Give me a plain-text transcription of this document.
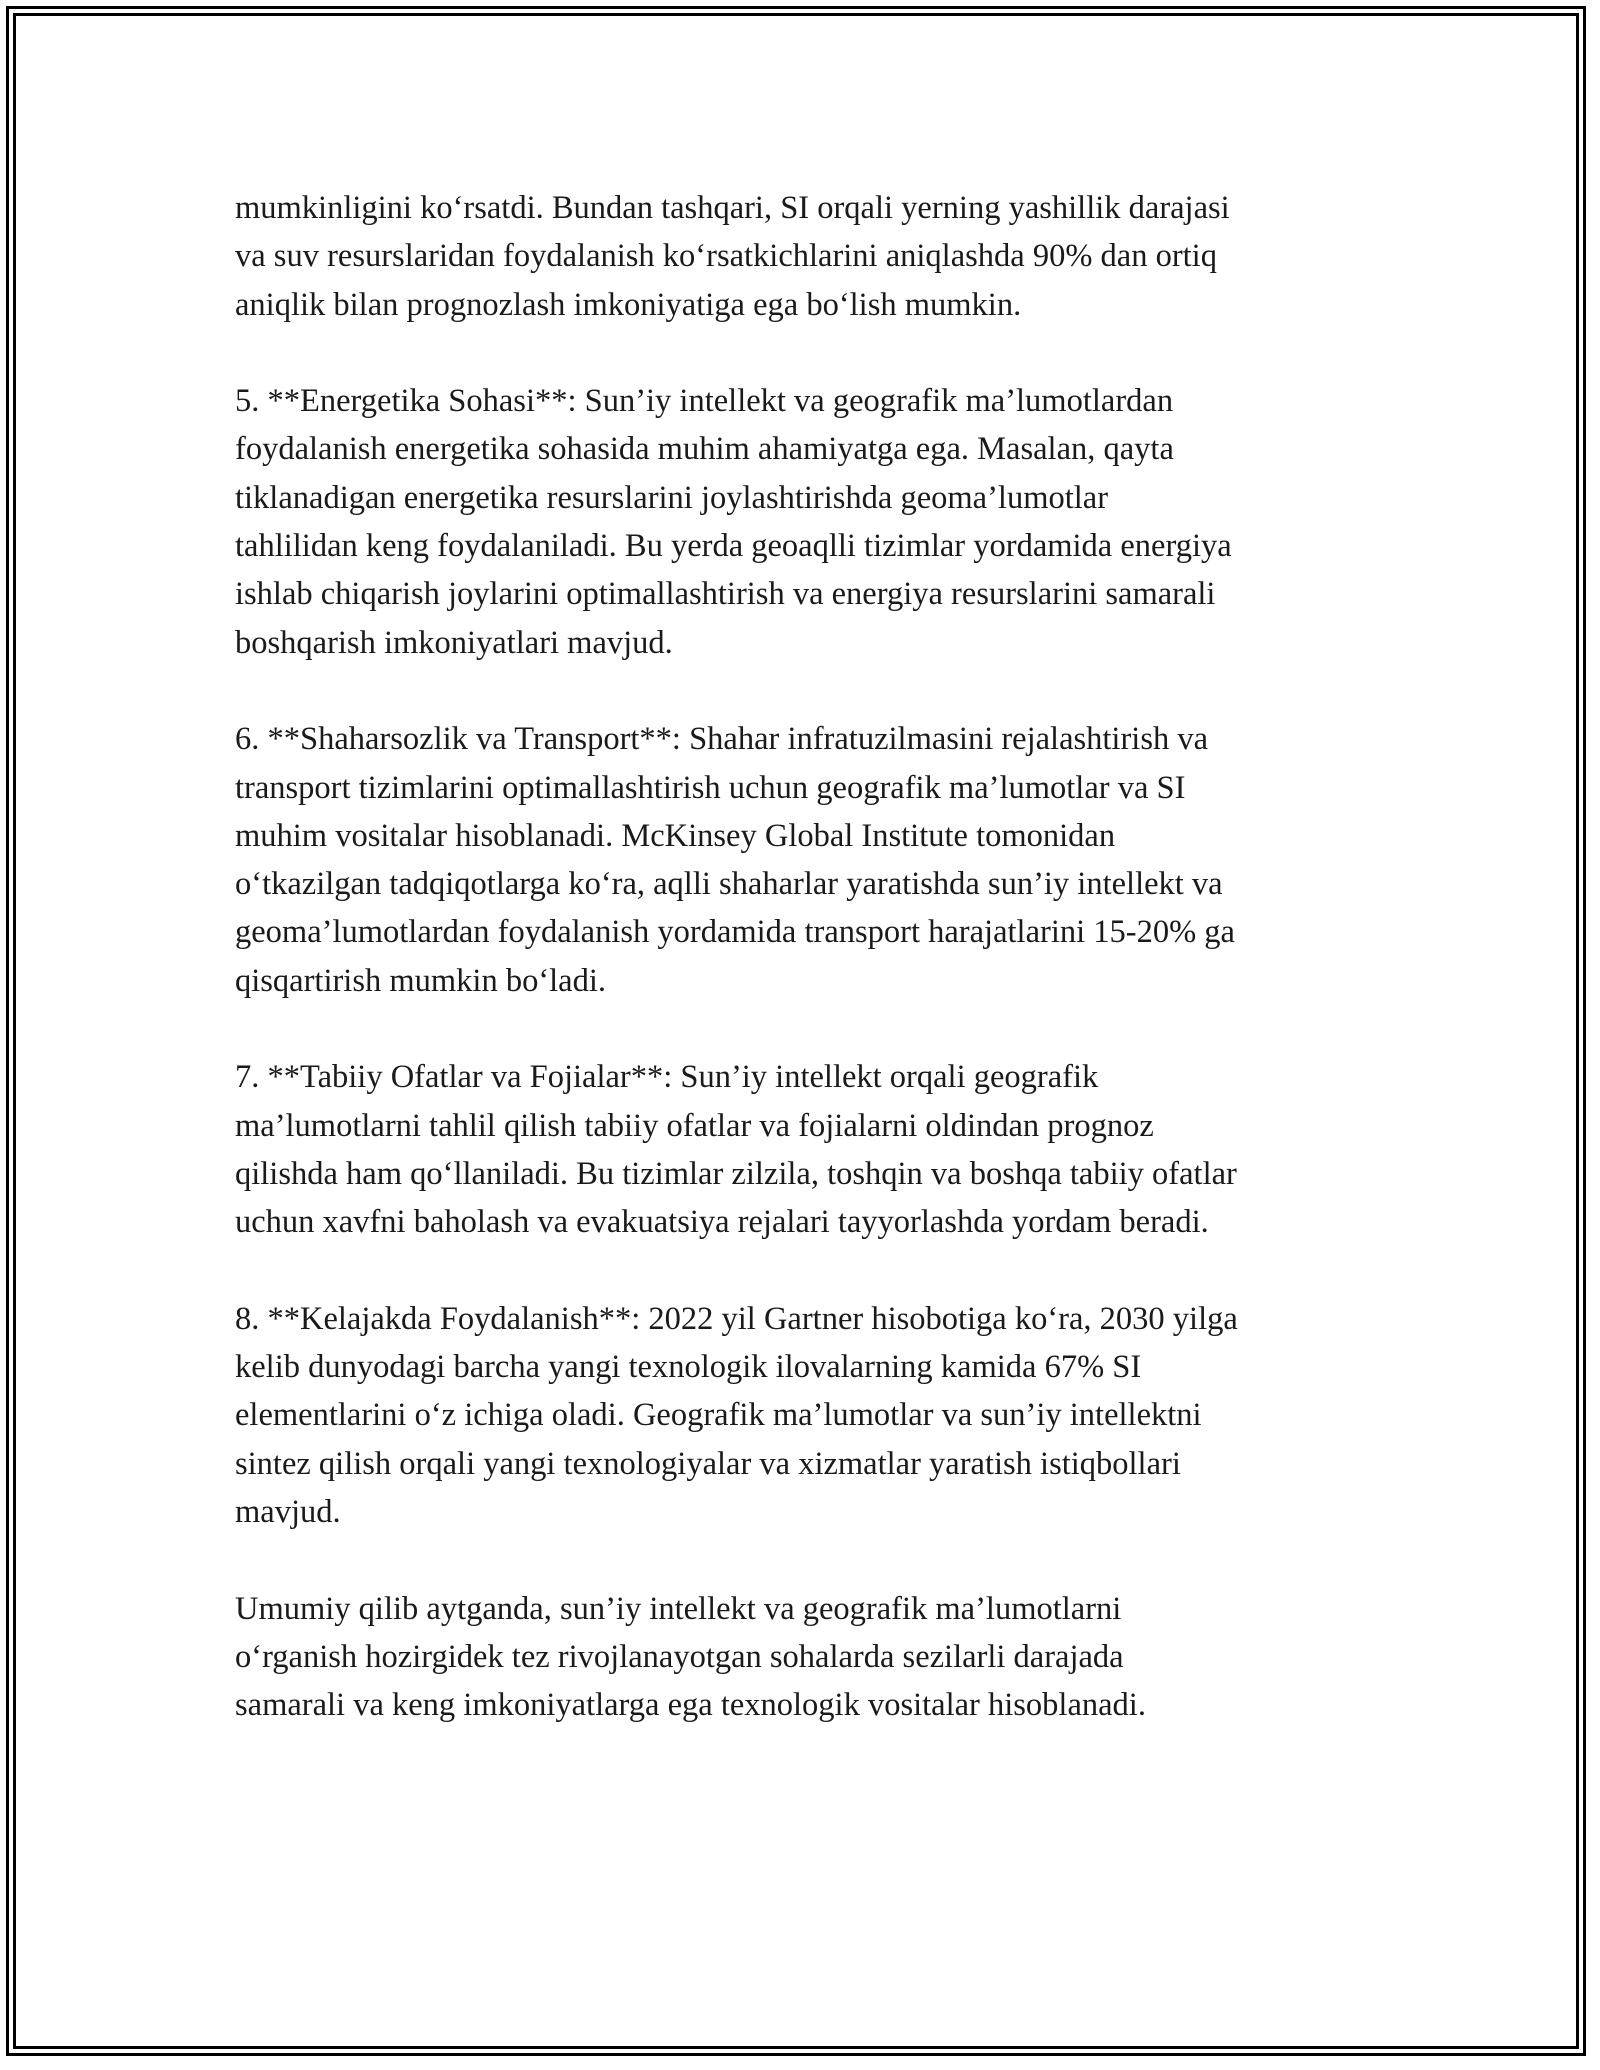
mumkinligini koʻrsatdi. Bundan tashqari, SI orqali yerning yashillik darajasi
va suv resurslaridan foydalanish koʻrsatkichlarini aniqlashda 90% dan ortiq
aniqlik bilan prognozlash imkoniyatiga ega boʻlish mumkin.

5. **Energetika Sohasi**: Sun’iy intellekt va geografik ma’lumotlardan
foydalanish energetika sohasida muhim ahamiyatga ega. Masalan, qayta
tiklanadigan energetika resurslarini joylashtirishda geoma’lumotlar
tahlilidan keng foydalaniladi. Bu yerda geoaqlli tizimlar yordamida energiya
ishlab chiqarish joylarini optimallashtirish va energiya resurslarini samarali
boshqarish imkoniyatlari mavjud.

6. **Shaharsozlik va Transport**: Shahar infratuzilmasini rejalashtirish va
transport tizimlarini optimallashtirish uchun geografik ma’lumotlar va SI
muhim vositalar hisoblanadi. McKinsey Global Institute tomonidan
oʻtkazilgan tadqiqotlarga koʻra, aqlli shaharlar yaratishda sun’iy intellekt va
geoma’lumotlardan foydalanish yordamida transport harajatlarini 15-20% ga
qisqartirish mumkin boʻladi.

7. **Tabiiy Ofatlar va Fojialar**: Sun’iy intellekt orqali geografik
ma’lumotlarni tahlil qilish tabiiy ofatlar va fojialarni oldindan prognoz
qilishda ham qoʻllaniladi. Bu tizimlar zilzila, toshqin va boshqa tabiiy ofatlar
uchun xavfni baholash va evakuatsiya rejalari tayyorlashda yordam beradi.

8. **Kelajakda Foydalanish**: 2022 yil Gartner hisobotiga koʻra, 2030 yilga
kelib dunyodagi barcha yangi texnologik ilovalarning kamida 67% SI
elementlarini oʻz ichiga oladi. Geografik ma’lumotlar va sun’iy intellektni
sintez qilish orqali yangi texnologiyalar va xizmatlar yaratish istiqbollari
mavjud.

Umumiy qilib aytganda, sun’iy intellekt va geografik ma’lumotlarni
oʻrganish hozirgidek tez rivojlanayotgan sohalarda sezilarli darajada
samarali va keng imkoniyatlarga ega texnologik vositalar hisoblanadi.
